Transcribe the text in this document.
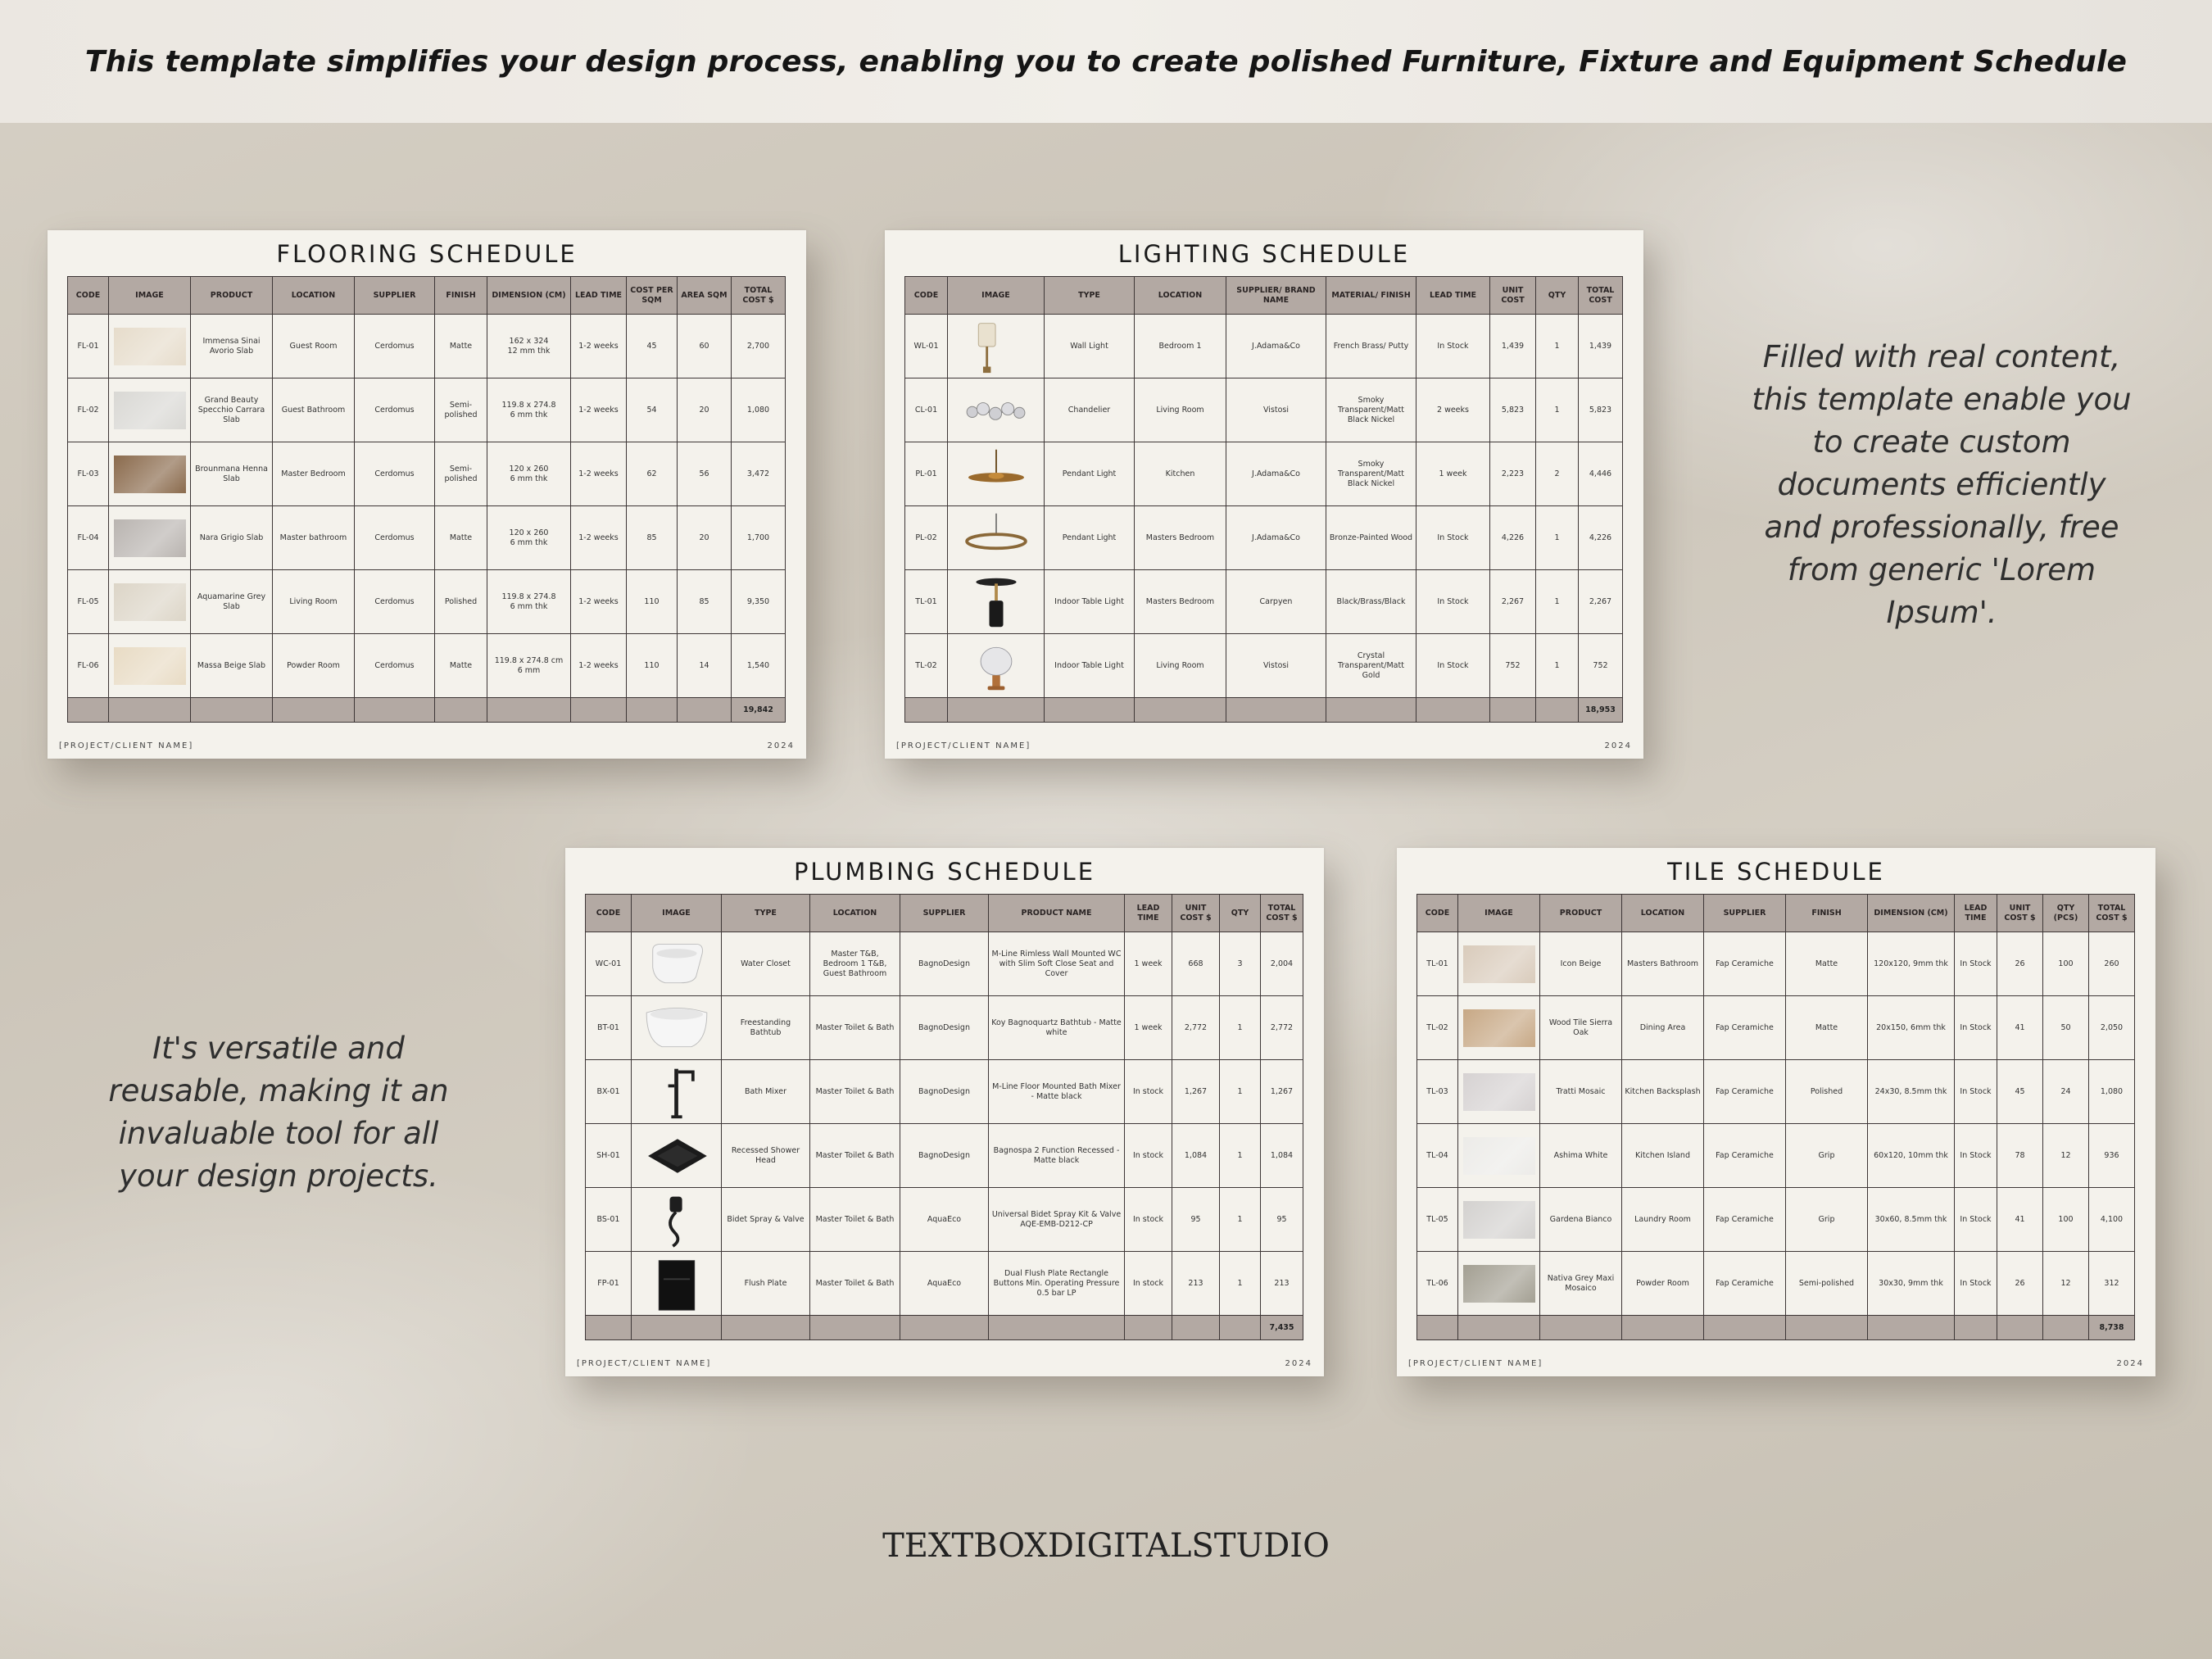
This template simplifies your design process, enabling you to create polished Furniture, Fixture and Equipment Schedule
Filled with real content,
this template enable you
to create custom
documents efficiently
and professionally, free
from generic 'Lorem
Ipsum'.
It's versatile and
reusable, making it an
invaluable tool for all
your design projects.
FLOORING SCHEDULE
CODE	IMAGE	PRODUCT	LOCATION	SUPPLIER	FINISH	DIMENSION (CM)	LEAD TIME	COST PER SQM	AREA SQM	TOTAL COST $
FL-01		Immensa Sinai Avorio Slab	Guest Room	Cerdomus	Matte	162 x 324
12 mm thk	1-2 weeks	45	60	2,700
FL-02		Grand Beauty Specchio Carrara Slab	Guest Bathroom	Cerdomus	Semi-polished	119.8 x 274.8
6 mm thk	1-2 weeks	54	20	1,080
FL-03		Brounmana Henna Slab	Master Bedroom	Cerdomus	Semi-polished	120 x 260
6 mm thk	1-2 weeks	62	56	3,472
FL-04		Nara Grigio Slab	Master bathroom	Cerdomus	Matte	120 x 260
6 mm thk	1-2 weeks	85	20	1,700
FL-05		Aquamarine Grey Slab	Living Room	Cerdomus	Polished	119.8 x 274.8
6 mm thk	1-2 weeks	110	85	9,350
FL-06		Massa Beige Slab	Powder Room	Cerdomus	Matte	119.8 x 274.8 cm
6 mm	1-2 weeks	110	14	1,540
										19,842
[PROJECT/CLIENT NAME]	2024
LIGHTING SCHEDULE
CODE	IMAGE	TYPE	LOCATION	SUPPLIER/ BRAND NAME	MATERIAL/ FINISH	LEAD TIME	UNIT COST	QTY	TOTAL COST
WL-01		Wall Light	Bedroom 1	J.Adama&Co	French Brass/ Putty	In Stock	1,439	1	1,439
CL-01		Chandelier	Living Room	Vistosi	Smoky Transparent/Matt Black Nickel	2 weeks	5,823	1	5,823
PL-01		Pendant Light	Kitchen	J.Adama&Co	Smoky Transparent/Matt Black Nickel	1 week	2,223	2	4,446
PL-02		Pendant Light	Masters Bedroom	J.Adama&Co	Bronze-Painted Wood	In Stock	4,226	1	4,226
TL-01		Indoor Table Light	Masters Bedroom	Carpyen	Black/Brass/Black	In Stock	2,267	1	2,267
TL-02		Indoor Table Light	Living Room	Vistosi	Crystal Transparent/Matt Gold	In Stock	752	1	752
									18,953
[PROJECT/CLIENT NAME]	2024
PLUMBING SCHEDULE
CODE	IMAGE	TYPE	LOCATION	SUPPLIER	PRODUCT NAME	LEAD TIME	UNIT COST $	QTY	TOTAL COST $
WC-01		Water Closet	Master T&B, Bedroom 1 T&B, Guest Bathroom	BagnoDesign	M-Line Rimless Wall Mounted WC with Slim Soft Close Seat and Cover	1 week	668	3	2,004
BT-01		Freestanding Bathtub	Master Toilet & Bath	BagnoDesign	Koy Bagnoquartz Bathtub - Matte white	1 week	2,772	1	2,772
BX-01		Bath Mixer	Master Toilet & Bath	BagnoDesign	M-Line Floor Mounted Bath Mixer - Matte black	In stock	1,267	1	1,267
SH-01		Recessed Shower Head	Master Toilet & Bath	BagnoDesign	Bagnospa 2 Function Recessed - Matte black	In stock	1,084	1	1,084
BS-01		Bidet Spray & Valve	Master Toilet & Bath	AquaEco	Universal Bidet Spray Kit & Valve AQE-EMB-D212-CP	In stock	95	1	95
FP-01		Flush Plate	Master Toilet & Bath	AquaEco	Dual Flush Plate Rectangle Buttons Min. Operating Pressure 0.5 bar LP	In stock	213	1	213
									7,435
[PROJECT/CLIENT NAME]	2024
TILE SCHEDULE
CODE	IMAGE	PRODUCT	LOCATION	SUPPLIER	FINISH	DIMENSION (CM)	LEAD TIME	UNIT COST $	QTY (PCS)	TOTAL COST $
TL-01		Icon Beige	Masters Bathroom	Fap Ceramiche	Matte	120x120, 9mm thk	In Stock	26	100	260
TL-02		Wood Tile Sierra Oak	Dining Area	Fap Ceramiche	Matte	20x150, 6mm thk	In Stock	41	50	2,050
TL-03		Tratti Mosaic	Kitchen Backsplash	Fap Ceramiche	Polished	24x30, 8.5mm thk	In Stock	45	24	1,080
TL-04		Ashima White	Kitchen Island	Fap Ceramiche	Grip	60x120, 10mm thk	In Stock	78	12	936
TL-05		Gardena Bianco	Laundry Room	Fap Ceramiche	Grip	30x60, 8.5mm thk	In Stock	41	100	4,100
TL-06		Nativa Grey Maxi Mosaico	Powder Room	Fap Ceramiche	Semi-polished	30x30, 9mm thk	In Stock	26	12	312
										8,738
[PROJECT/CLIENT NAME]	2024
TEXTBOXDIGITALSTUDIO
